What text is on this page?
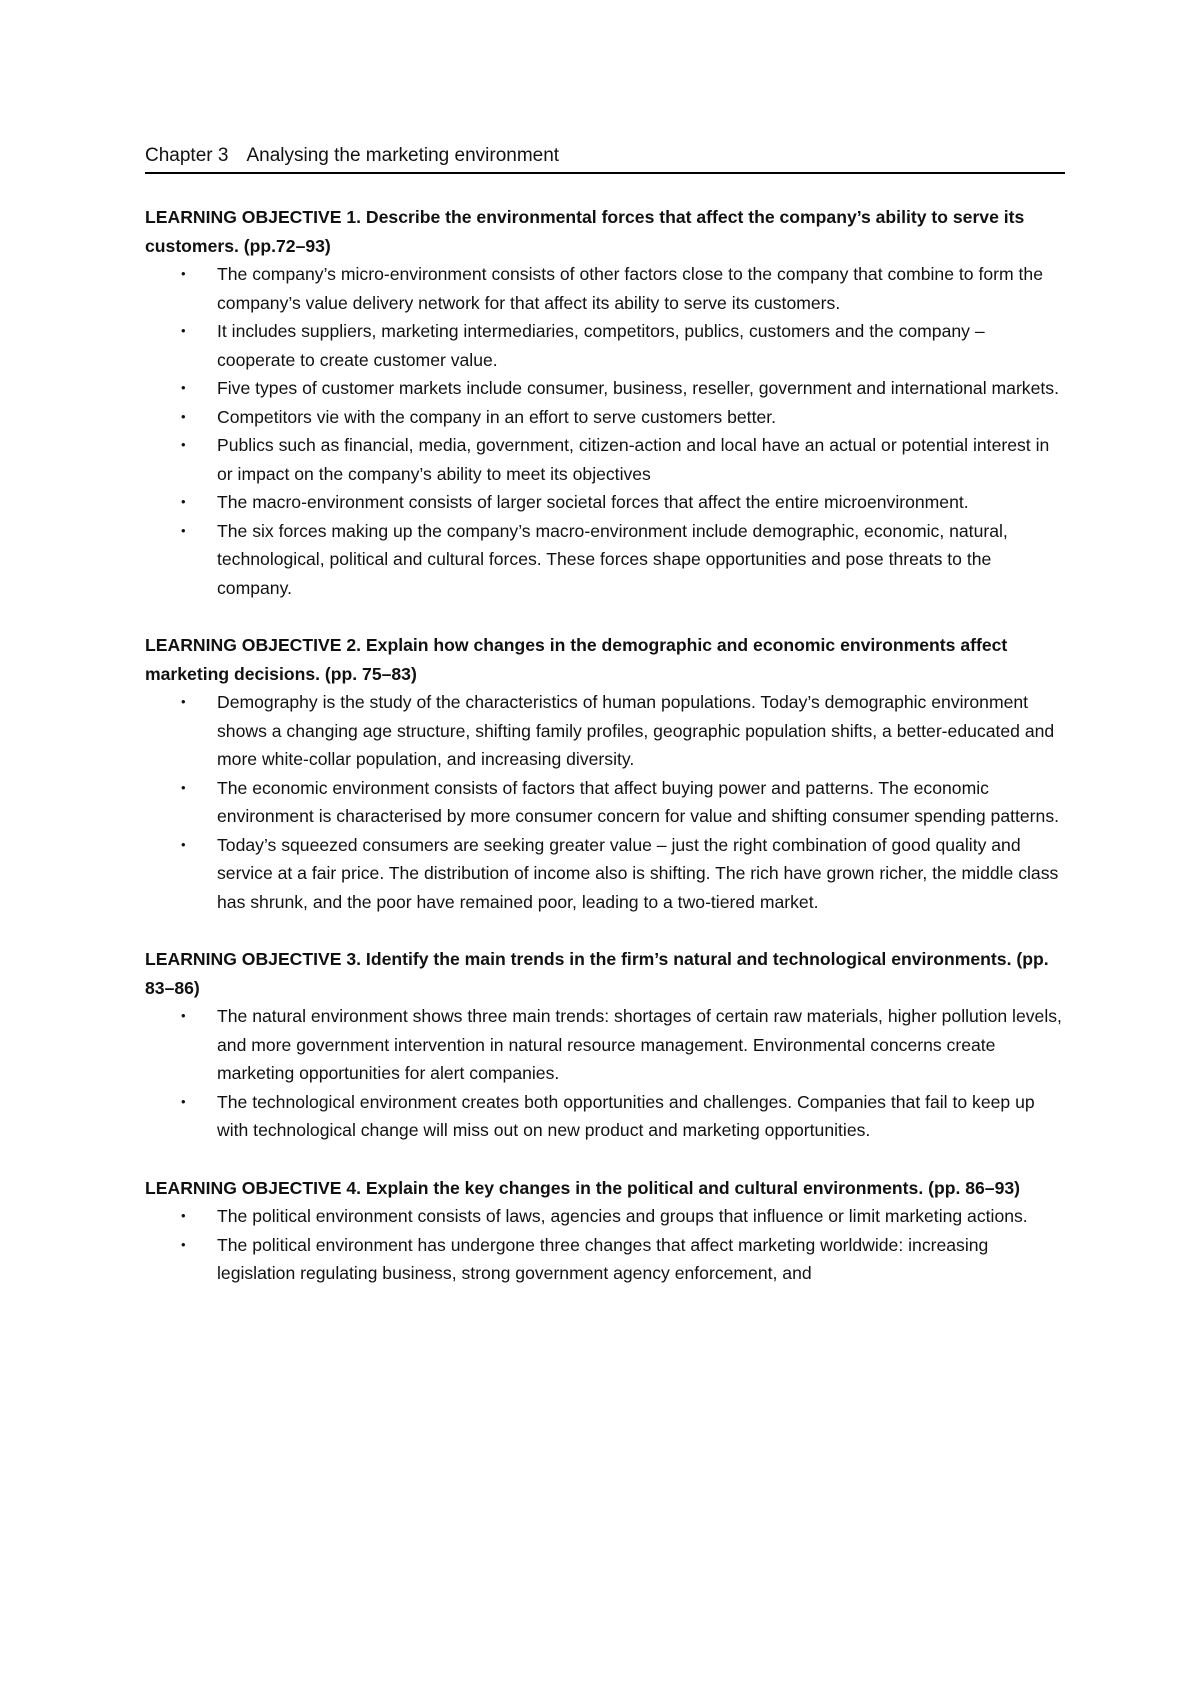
Chapter 3 Analysing the marketing environment

LEARNING OBJECTIVE 1. Describe the environmental forces that affect the company’s ability to serve its customers. (pp.72–93)

• The company’s micro-environment consists of other factors close to the company that combine to form the company’s value delivery network for that affect its ability to serve its customers.
• It includes suppliers, marketing intermediaries, competitors, publics, customers and the company – cooperate to create customer value.
• Five types of customer markets include consumer, business, reseller, government and international markets.
• Competitors vie with the company in an effort to serve customers better.
• Publics such as financial, media, government, citizen-action and local have an actual or potential interest in or impact on the company’s ability to meet its objectives
• The macro-environment consists of larger societal forces that affect the entire microenvironment.
• The six forces making up the company’s macro-environment include demographic, economic, natural, technological, political and cultural forces. These forces shape opportunities and pose threats to the company.

LEARNING OBJECTIVE 2. Explain how changes in the demographic and economic environments affect marketing decisions. (pp. 75–83)

• Demography is the study of the characteristics of human populations. Today’s demographic environment shows a changing age structure, shifting family profiles, geographic population shifts, a better-educated and more white-collar population, and increasing diversity.
• The economic environment consists of factors that affect buying power and patterns. The economic environment is characterised by more consumer concern for value and shifting consumer spending patterns.
• Today’s squeezed consumers are seeking greater value – just the right combination of good quality and service at a fair price. The distribution of income also is shifting. The rich have grown richer, the middle class has shrunk, and the poor have remained poor, leading to a two-tiered market.

LEARNING OBJECTIVE 3. Identify the main trends in the firm’s natural and technological environments. (pp. 83–86)

• The natural environment shows three main trends: shortages of certain raw materials, higher pollution levels, and more government intervention in natural resource management. Environmental concerns create marketing opportunities for alert companies.
• The technological environment creates both opportunities and challenges. Companies that fail to keep up with technological change will miss out on new product and marketing opportunities.

LEARNING OBJECTIVE 4. Explain the key changes in the political and cultural environments. (pp. 86–93)

• The political environment consists of laws, agencies and groups that influence or limit marketing actions.
• The political environment has undergone three changes that affect marketing worldwide: increasing legislation regulating business, strong government agency enforcement, and
